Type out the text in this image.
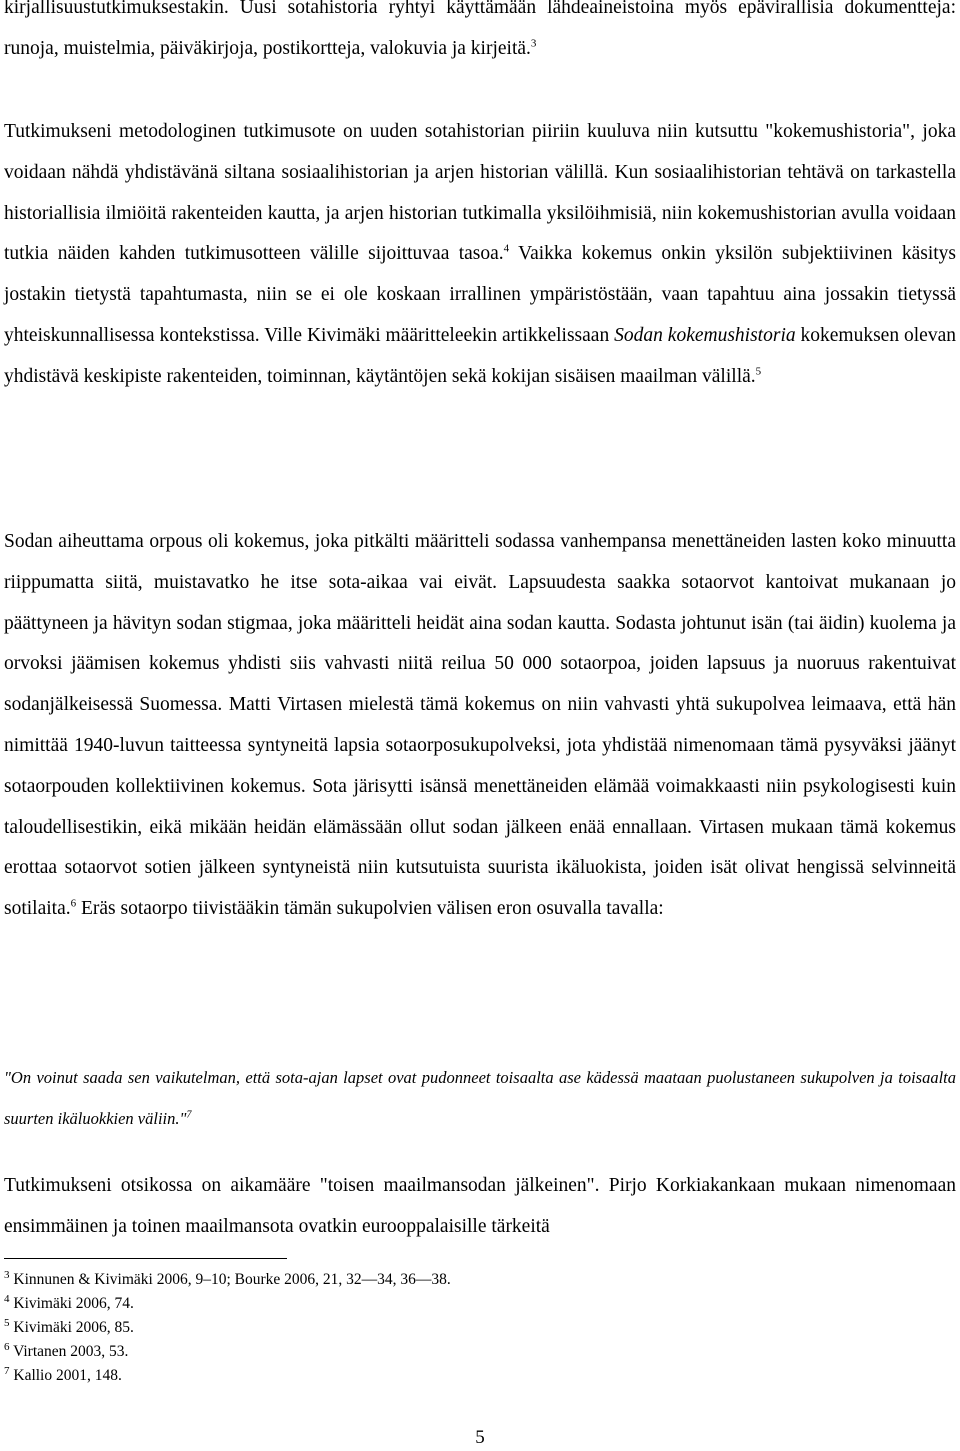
kirjallisuustutkimuksestakin. Uusi sotahistoria ryhtyi käyttämään lähdeaineistoina myös epävirallisia dokumentteja: runoja, muistelmia, päiväkirjoja, postikortteja, valokuvia ja kirjeitä.$^3$

Tutkimukseni metodologinen tutkimusote on uuden sotahistorian piiriin kuuluva niin kutsuttu "kokemushistoria", joka voidaan nähdä yhdistävänä siltana sosiaalihistorian ja arjen historian välillä. Kun sosiaalihistorian tehtävä on tarkastella historiallisia ilmiöitä rakenteiden kautta, ja arjen historian tutkimalla yksilöihmisiä, niin kokemushistorian avulla voidaan tutkia näiden kahden tutkimusotteen välille sijoittuvaa tasoa.$^4$ Vaikka kokemus onkin yksilön subjektiivinen käsitys jostakin tietystä tapahtumasta, niin se ei ole koskaan irrallinen ympäristöstään, vaan tapahtuu aina jossakin tietyssä yhteiskunnallisessa kontekstissa. Ville Kivimäki määritteleekin artikkelissaan Sodan kokemushistoria kokemuksen olevan yhdistävä keskipiste rakenteiden, toiminnan, käytäntöjen sekä kokijan sisäisen maailman välillä.$^5$

Sodan aiheuttama orpous oli kokemus, joka pitkälti määritteli sodassa vanhempansa menettäneiden lasten koko minuutta riippumatta siitä, muistavatko he itse sota-aikaa vai eivät. Lapsuudesta saakka sotaorvot kantoivat mukanaan jo päättyneen ja hävityn sodan stigmaa, joka määritteli heidät aina sodan kautta. Sodasta johtunut isän (tai äidin) kuolema ja orvoksi jäämisen kokemus yhdisti siis vahvasti niitä reilua 50 000 sotaorpoa, joiden lapsuus ja nuoruus rakentuivat sodanjälkeisessä Suomessa. Matti Virtasen mielestä tämä kokemus on niin vahvasti yhtä sukupolvea leimaava, että hän nimittää 1940-luvun taitteessa syntyneitä lapsia sotaorposukupolveksi, jota yhdistää nimenomaan tämä pysyväksi jäänyt sotaorpouden kollektiivinen kokemus. Sota järisytti isänsä menettäneiden elämää voimakkaasti niin psykologisesti kuin taloudellisestikin, eikä mikään heidän elämässään ollut sodan jälkeen enää ennallaan. Virtasen mukaan tämä kokemus erottaa sotaorvot sotien jälkeen syntyneistä niin kutsutuista suurista ikäluokista, joiden isät olivat hengissä selvinneitä sotilaita.$^6$ Eräs sotaorpo tiivistääkin tämän sukupolvien välisen eron osuvalla tavalla:

"On voinut saada sen vaikutelman, että sota-ajan lapset ovat pudonneet toisaalta ase kädessä maataan puolustaneen sukupolven ja toisaalta suurten ikäluokkien väliin."$^7$

Tutkimukseni otsikossa on aikamääre "toisen maailmansodan jälkeinen". Pirjo Korkiakankaan mukaan nimenomaan ensimmäinen ja toinen maailmansota ovatkin eurooppalaisille tärkeitä

$^3$ Kinnunen & Kivimäki 2006, 9–10; Bourke 2006, 21, 32—34, 36—38.
$^4$ Kivimäki 2006, 74.
$^5$ Kivimäki 2006, 85.
$^6$ Virtanen 2003, 53.
$^7$ Kallio 2001, 148.
5
